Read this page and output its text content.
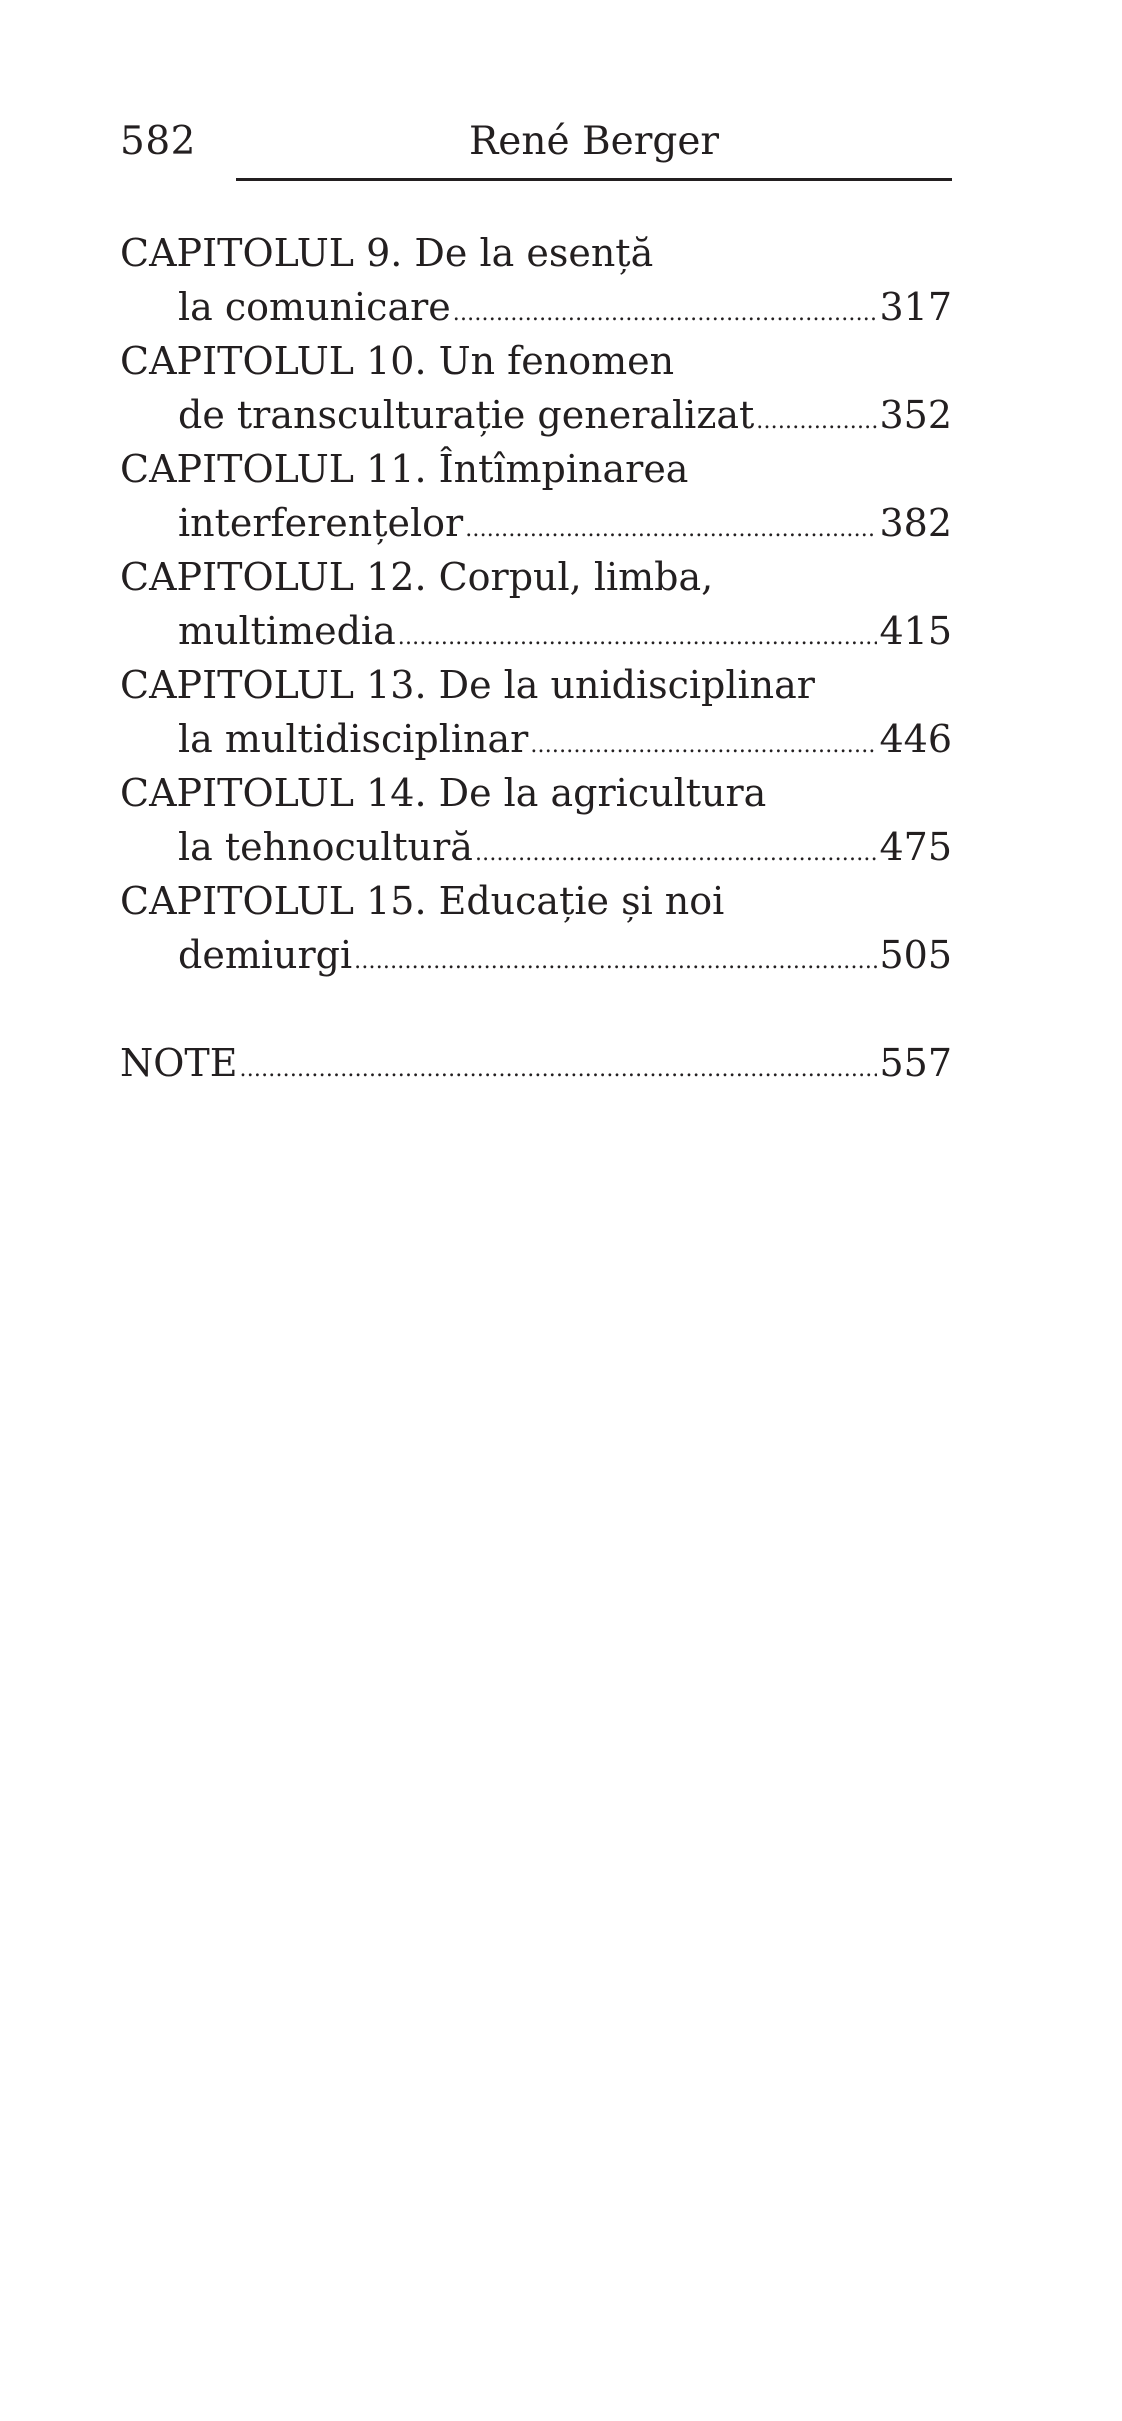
582	René Berger
CAPITOLUL 9. De la esență
la comunicare .....	317
CAPITOLUL 10. Un fenomen
de transculturație generalizat .....	352
CAPITOLUL 11. Întîmpinarea
interferențelor .....	382
CAPITOLUL 12. Corpul, limba,
multimedia .....	415
CAPITOLUL 13. De la unidisciplinar
la multidisciplinar .....	446
CAPITOLUL 14. De la agricultura
la tehnocultură .....	475
CAPITOLUL 15. Educație și noi
demiurgi .....	505
NOTE .....	557
